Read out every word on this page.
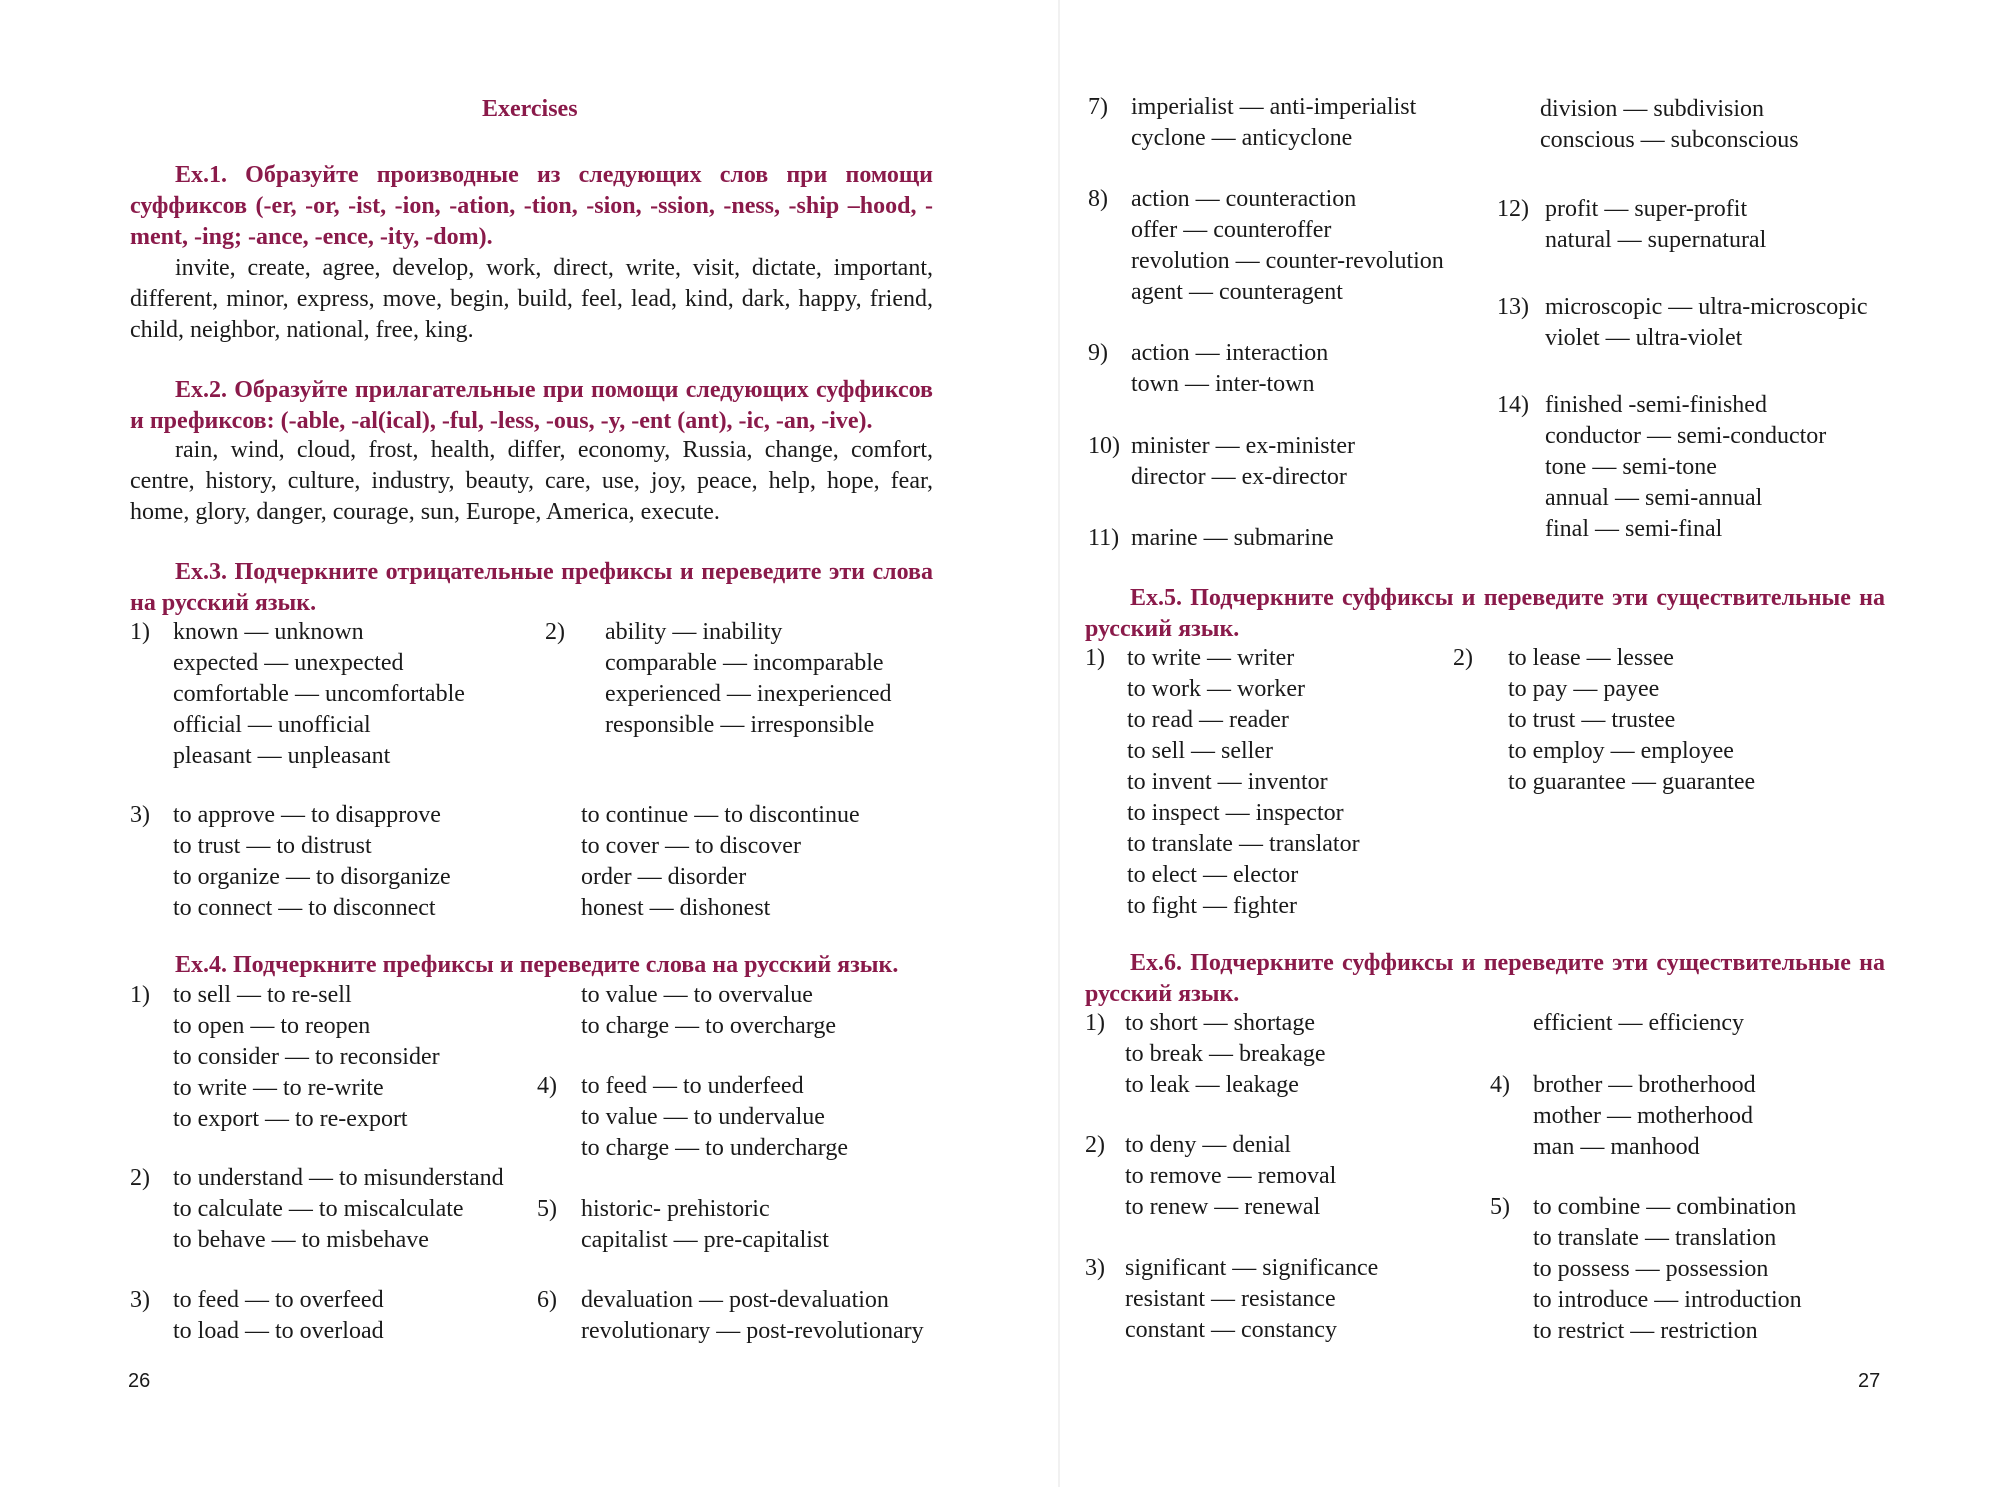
Exercises
Ex.1. Образуйте производные из следующих слов при помощи суффиксов (-er, -or, -ist, -ion, -ation, -tion, -sion, -ssion, -ness, -ship –hood, -ment, -ing; -ance, -ence, -ity, -dom).
invite, create, agree, develop, work, direct, write, visit, dictate, important, different, minor, express, move, begin, build, feel, lead, kind, dark, happy, friend, child, neighbor, national, free, king.
Ex.2. Образуйте прилагательные при помощи следующих суффиксов и префиксов: (-able, -al(ical), -ful, -less, -ous, -y, -ent (ant), -ic, -an, -ive).
rain, wind, cloud, frost, health, differ, economy, Russia, change, comfort, centre, history, culture, industry, beauty, care, use, joy, peace, help, hope, fear, home, glory, danger, courage, sun, Europe, America, execute.
Ex.3. Подчеркните отрицательные префиксы и переведите эти слова на русский язык.
1) known — unknown
expected — unexpected
comfortable — uncomfortable
official — unofficial
pleasant — unpleasant
2) ability — inability
comparable — incomparable
experienced — inexperienced
responsible — irresponsible
3) to approve — to disapprove
to trust — to distrust
to organize — to disorganize
to connect — to disconnect
to continue — to discontinue
to cover — to discover
order — disorder
honest — dishonest
Ex.4. Подчеркните префиксы и переведите слова на русский язык.
1) to sell — to re-sell
to open — to reopen
to consider — to reconsider
to write — to re-write
to export — to re-export
to value — to overvalue
to charge — to overcharge
4) to feed — to underfeed
to value — to undervalue
to charge — to undercharge
2) to understand — to misunderstand
to calculate — to miscalculate
to behave — to misbehave
5) historic- prehistoric
capitalist — pre-capitalist
3) to feed — to overfeed
to load — to overload
6) devaluation — post-devaluation
revolutionary — post-revolutionary
26
7) imperialist — anti-imperialist
cyclone — anticyclone
8) action — counteraction
offer — counteroffer
revolution — counter-revolution
agent — counteragent
9) action — interaction
town — inter-town
10) minister — ex-minister
director — ex-director
11) marine — submarine
division — subdivision
conscious — subconscious
12) profit — super-profit
natural — supernatural
13) microscopic — ultra-microscopic
violet — ultra-violet
14) finished -semi-finished
conductor — semi-conductor
tone — semi-tone
annual — semi-annual
final — semi-final
Ex.5. Подчеркните суффиксы и переведите эти существительные на русский язык.
1) to write — writer
to work — worker
to read — reader
to sell — seller
to invent — inventor
to inspect — inspector
to translate — translator
to elect — elector
to fight — fighter
2) to lease — lessee
to pay — payee
to trust — trustee
to employ — employee
to guarantee — guarantee
Ex.6. Подчеркните суффиксы и переведите эти существительные на русский язык.
1) to short — shortage
to break — breakage
to leak — leakage
efficient — efficiency
2) to deny — denial
to remove — removal
to renew — renewal
3) significant — significance
resistant — resistance
constant — constancy
4) brother — brotherhood
mother — motherhood
man — manhood
5) to combine — combination
to translate — translation
to possess — possession
to introduce — introduction
to restrict — restriction
27
